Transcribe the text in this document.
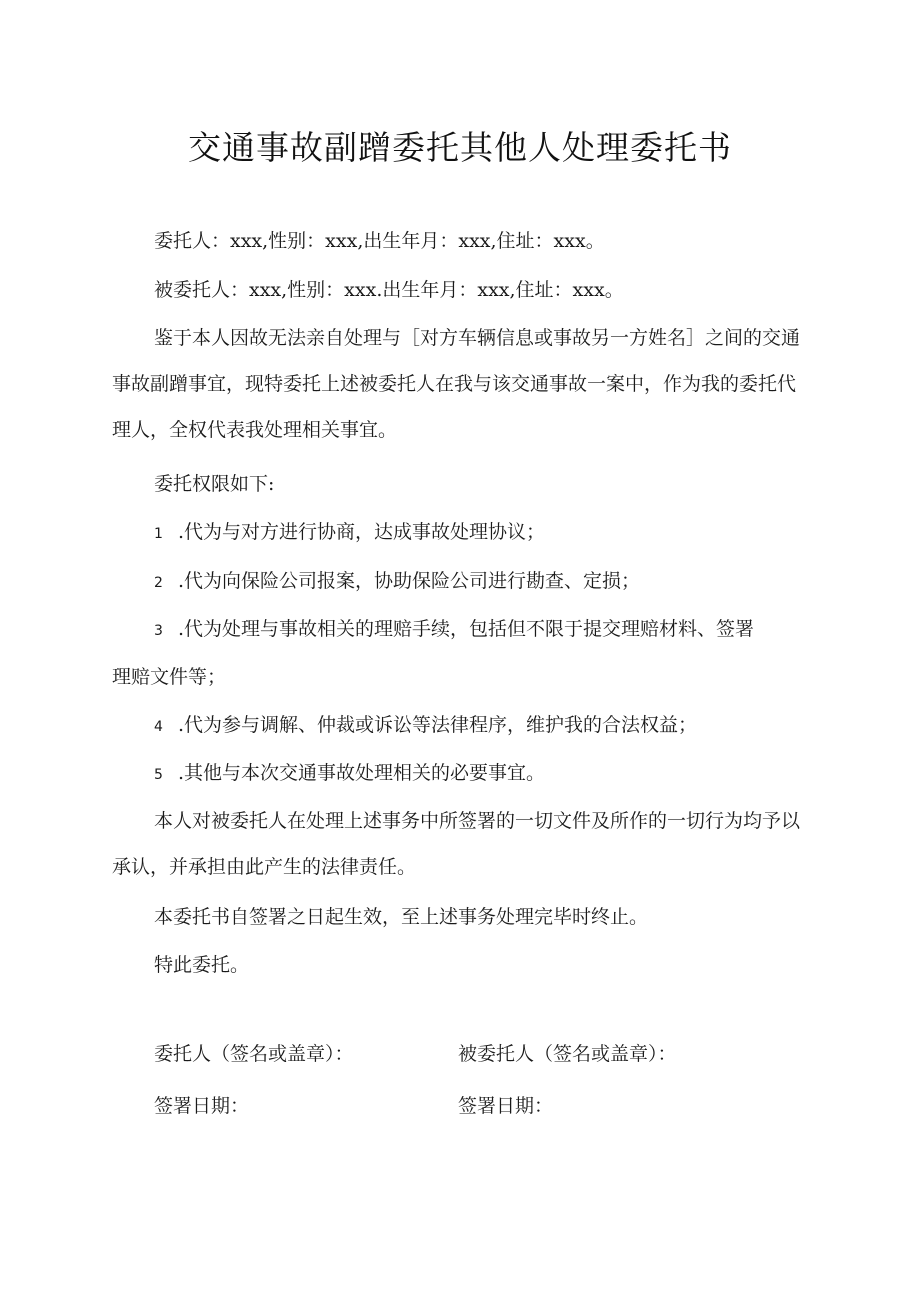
交通事故副蹭委托其他人处理委托书

委托人：xxx,性别：xxx,出生年月：xxx,住址：xxx。

被委托人：xxx,性别：xxx.出生年月：xxx,住址：xxx。

鉴于本人因故无法亲自处理与［对方车辆信息或事故另一方姓名］之间的交通事故副蹭事宜，现特委托上述被委托人在我与该交通事故一案中，作为我的委托代理人，全权代表我处理相关事宜。

委托权限如下:

1 .代为与对方进行协商，达成事故处理协议；

2 .代为向保险公司报案，协助保险公司进行勘查、定损；

3 .代为处理与事故相关的理赔手续，包括但不限于提交理赔材料、签署

理赔文件等；

4 .代为参与调解、仲裁或诉讼等法律程序，维护我的合法权益；

5 .其他与本次交通事故处理相关的必要事宜。

本人对被委托人在处理上述事务中所签署的一切文件及所作的一切行为均予以承认，并承担由此产生的法律责任。

本委托书自签署之日起生效，至上述事务处理完毕时终止。

特此委托。

委托人（签名或盖章）：	被委托人（签名或盖章）：

签署日期：	签署日期：
